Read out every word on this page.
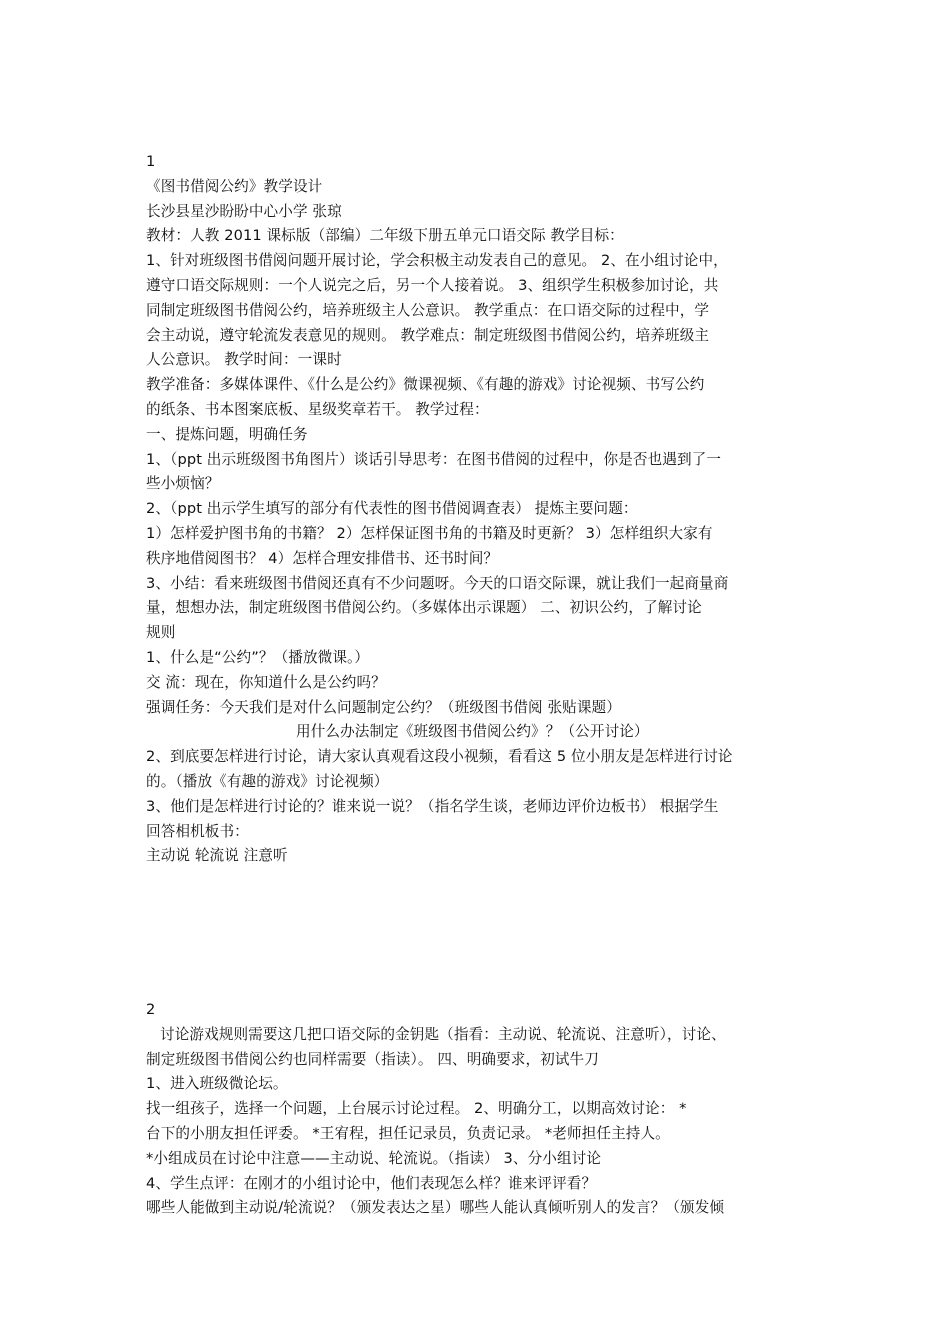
1

《图书借阅公约》教学设计

长沙县星沙盼盼中心小学 张琼

教材：人教 2011 课标版（部编）二年级下册五单元口语交际 教学目标：

1、针对班级图书借阅问题开展讨论，学会积极主动发表自己的意见。 2、在小组讨论中，

遵守口语交际规则：一个人说完之后，另一个人接着说。 3、组织学生积极参加讨论，共

同制定班级图书借阅公约，培养班级主人公意识。 教学重点：在口语交际的过程中，学

会主动说，遵守轮流发表意见的规则。 教学难点：制定班级图书借阅公约，培养班级主

人公意识。 教学时间：一课时

教学准备：多媒体课件、《什么是公约》微课视频、《有趣的游戏》讨论视频、书写公约

的纸条、书本图案底板、星级奖章若干。 教学过程：

一、提炼问题，明确任务

1、（ppt 出示班级图书角图片）谈话引导思考：在图书借阅的过程中，你是否也遇到了一

些小烦恼？

2、（ppt 出示学生填写的部分有代表性的图书借阅调查表） 提炼主要问题：

1）怎样爱护图书角的书籍？ 2）怎样保证图书角的书籍及时更新？ 3）怎样组织大家有

秩序地借阅图书？ 4）怎样合理安排借书、还书时间？

3、小结：看来班级图书借阅还真有不少问题呀。今天的口语交际课，就让我们一起商量商

量，想想办法，制定班级图书借阅公约。（多媒体出示课题） 二、初识公约，了解讨论

规则

1、什么是“公约”？（播放微课。）

交 流：现在，你知道什么是公约吗？

强调任务：今天我们是对什么问题制定公约？（班级图书借阅 张贴课题）

用什么办法制定《班级图书借阅公约》？（公开讨论）

2、到底要怎样进行讨论，请大家认真观看这段小视频，看看这 5 位小朋友是怎样进行讨论

的。（播放《有趣的游戏》讨论视频）

3、他们是怎样进行讨论的？谁来说一说？（指名学生谈，老师边评价边板书） 根据学生

回答相机板书：

主动说 轮流说 注意听

2

讨论游戏规则需要这几把口语交际的金钥匙（指看：主动说、轮流说、注意听），讨论、

制定班级图书借阅公约也同样需要（指读）。 四、明确要求，初试牛刀

1、进入班级微论坛。

找一组孩子，选择一个问题，上台展示讨论过程。 2、明确分工，以期高效讨论： *

台下的小朋友担任评委。 *王宥程，担任记录员，负责记录。 *老师担任主持人。

*小组成员在讨论中注意——主动说、轮流说。（指读） 3、分小组讨论

4、学生点评：在刚才的小组讨论中，他们表现怎么样？谁来评评看？

哪些人能做到主动说/轮流说？（颁发表达之星）哪些人能认真倾听别人的发言？（颁发倾
